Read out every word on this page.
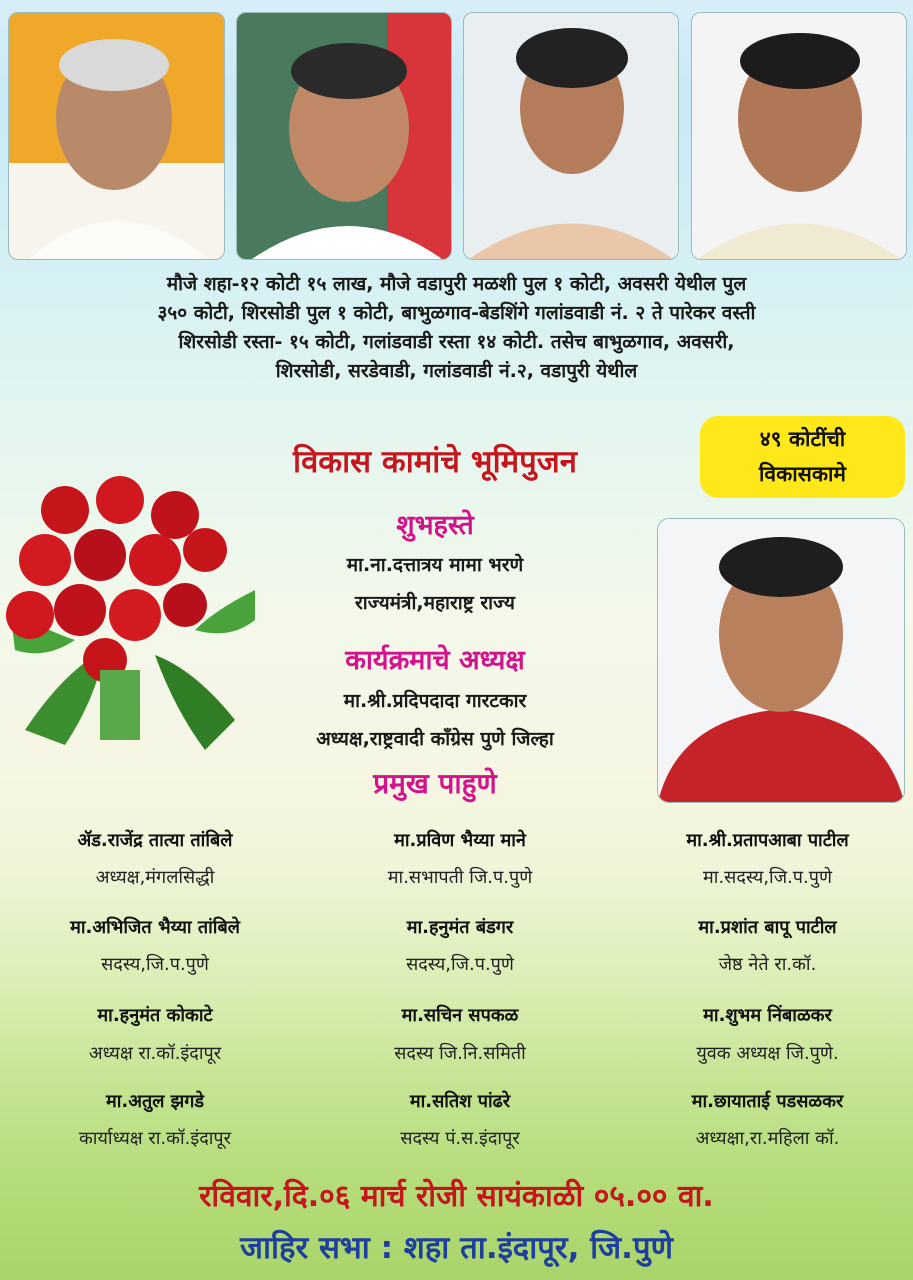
मौजे शहा-१२ कोटी १५ लाख, मौजे वडापुरी मळशी पुल १ कोटी, अवसरी येथील पुल
३५० कोटी, शिरसोडी पुल १ कोटी, बाभुळगाव-बेडशिंगे गलांडवाडी नं. २ ते पारेकर वस्ती
शिरसोडी रस्ता- १५ कोटी, गलांडवाडी रस्ता १४ कोटी. तसेच बाभुळगाव, अवसरी,
शिरसोडी, सरडेवाडी, गलांडवाडी नं.२, वडापुरी येथील
विकास कामांचे भूमिपुजन
४९ कोटींची
विकासकामे
शुभहस्ते
मा.ना.दत्तात्रय मामा भरणे
राज्यमंत्री,महाराष्ट्र राज्य
कार्यक्रमाचे अध्यक्ष
मा.श्री.प्रदिपदादा गारटकार
अध्यक्ष,राष्ट्रवादी कॉंग्रेस पुणे जिल्हा
प्रमुख पाहुणे
ॲड.राजेंद्र तात्या तांबिले
अध्यक्ष,मंगलसिद्धी
मा.प्रविण भैय्या माने
मा.सभापती जि.प.पुणे
मा.श्री.प्रतापआबा पाटील
मा.सदस्य,जि.प.पुणे
मा.अभिजित भैय्या तांबिले
सदस्य,जि.प.पुणे
मा.हनुमंत बंडगर
सदस्य,जि.प.पुणे
मा.प्रशांत बापू पाटील
जेष्ठ नेते रा.कॉ.
मा.हनुमंत कोकाटे
अध्यक्ष रा.कॉ.इंदापूर
मा.सचिन सपकळ
सदस्य जि.नि.समिती
मा.शुभम निंबाळकर
युवक अध्यक्ष जि.पुणे.
मा.अतुल झगडे
कार्याध्यक्ष रा.कॉ.इंदापूर
मा.सतिश पांढरे
सदस्य पं.स.इंदापूर
मा.छायाताई पडसळकर
अध्यक्षा,रा.महिला कॉ.
रविवार,दि.०६ मार्च रोजी सायंकाळी ०५.०० वा.
जाहिर सभा : शहा ता.इंदापूर, जि.पुणे
